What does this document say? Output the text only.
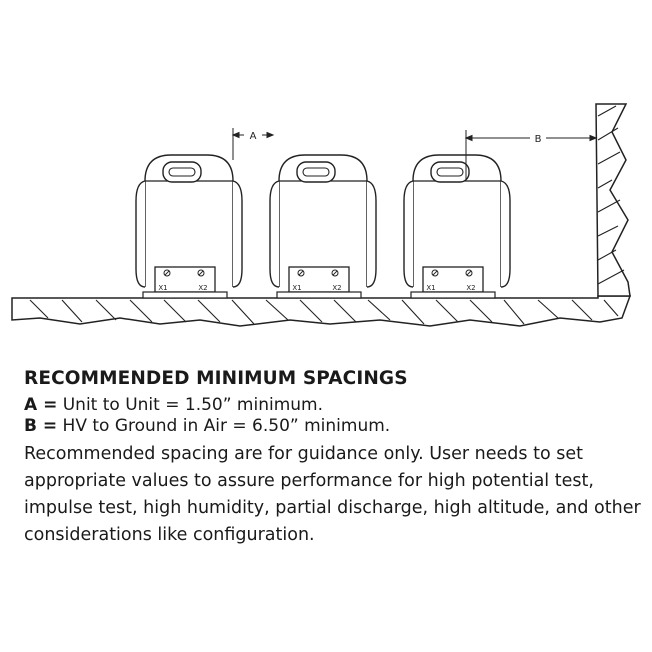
X1	X2	X1	X2	X1	X2
A	B
RECOMMENDED MINIMUM SPACINGS

A = Unit to Unit = 1.50” minimum.

B = HV to Ground in Air = 6.50” minimum.

Recommended spacing are for guidance only. User needs to set appropriate values to assure performance for high potential test, impulse test, high humidity, partial discharge, high altitude, and other considerations like configuration.
